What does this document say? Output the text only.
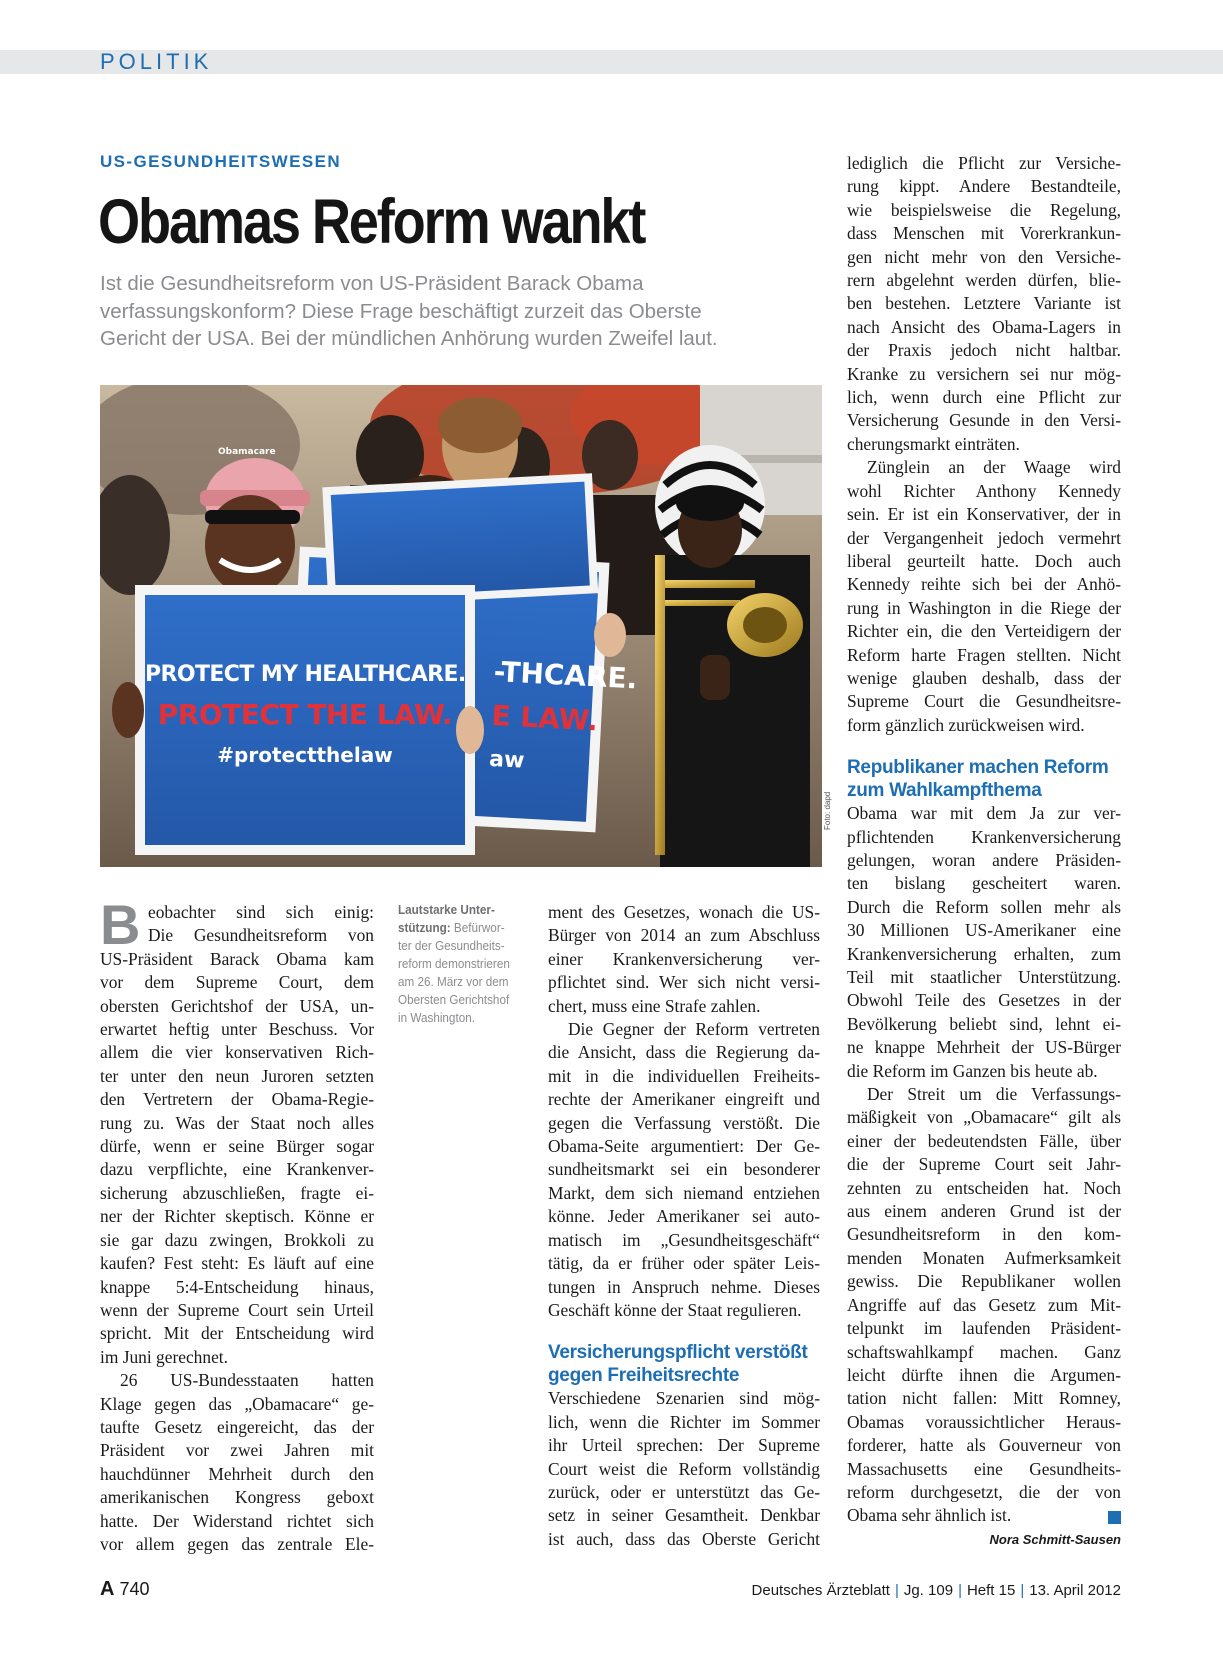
POLITIK
US-GESUNDHEITSWESEN
Obamas Reform wankt
Ist die Gesundheitsreform von US-Präsident Barack Obama
verfassungskonform? Diese Frage beschäftigt zurzeit das Oberste
Gericht der USA. Bei der mündlichen Anhörung wurden Zweifel laut.
-THCARE.
E LAW.
aw
PROTECT MY HEALTHCARE.
PROTECT THE LAW.
#protectthelaw
Obamacare
Foto: dapd
Lautstarke Unter-
stützung: Befürwor-
ter der Gesundheits-
reform demonstrieren
am 26. März vor dem
Obersten Gerichtshof
in Washington.
B eobachter sind sich einig:
Die Gesundheitsreform von
US-Präsident Barack Obama kam
vor dem Supreme Court, dem
obersten Gerichtshof der USA, un-
erwartet heftig unter Beschuss. Vor
allem die vier konservativen Rich-
ter unter den neun Juroren setzten
den Vertretern der Obama-Regie-
rung zu. Was der Staat noch alles
dürfe, wenn er seine Bürger sogar
dazu verpflichte, eine Krankenver-
sicherung abzuschließen, fragte ei-
ner der Richter skeptisch. Könne er
sie gar dazu zwingen, Brokkoli zu
kaufen? Fest steht: Es läuft auf eine
knappe 5:4-Entscheidung hinaus,
wenn der Supreme Court sein Urteil
spricht. Mit der Entscheidung wird
im Juni gerechnet.
26 US-Bundesstaaten hatten
Klage gegen das „Obamacare“ ge-
taufte Gesetz eingereicht, das der
Präsident vor zwei Jahren mit
hauchdünner Mehrheit durch den
amerikanischen Kongress geboxt
hatte. Der Widerstand richtet sich
vor allem gegen das zentrale Ele-
ment des Gesetzes, wonach die US-
Bürger von 2014 an zum Abschluss
einer Krankenversicherung ver-
pflichtet sind. Wer sich nicht versi-
chert, muss eine Strafe zahlen.
Die Gegner der Reform vertreten
die Ansicht, dass die Regierung da-
mit in die individuellen Freiheits-
rechte der Amerikaner eingreift und
gegen die Verfassung verstößt. Die
Obama-Seite argumentiert: Der Ge-
sundheitsmarkt sei ein besonderer
Markt, dem sich niemand entziehen
könne. Jeder Amerikaner sei auto-
matisch im „Gesundheitsgeschäft“
tätig, da er früher oder später Leis-
tungen in Anspruch nehme. Dieses
Geschäft könne der Staat regulieren.
Versicherungspflicht verstößt
gegen Freiheitsrechte
Verschiedene Szenarien sind mög-
lich, wenn die Richter im Sommer
ihr Urteil sprechen: Der Supreme
Court weist die Reform vollständig
zurück, oder er unterstützt das Ge-
setz in seiner Gesamtheit. Denkbar
ist auch, dass das Oberste Gericht
lediglich die Pflicht zur Versiche-
rung kippt. Andere Bestandteile,
wie beispielsweise die Regelung,
dass Menschen mit Vorerkrankun-
gen nicht mehr von den Versiche-
rern abgelehnt werden dürfen, blie-
ben bestehen. Letztere Variante ist
nach Ansicht des Obama-Lagers in
der Praxis jedoch nicht haltbar.
Kranke zu versichern sei nur mög-
lich, wenn durch eine Pflicht zur
Versicherung Gesunde in den Versi-
cherungsmarkt einträten.
Zünglein an der Waage wird
wohl Richter Anthony Kennedy
sein. Er ist ein Konservativer, der in
der Vergangenheit jedoch vermehrt
liberal geurteilt hatte. Doch auch
Kennedy reihte sich bei der Anhö-
rung in Washington in die Riege der
Richter ein, die den Verteidigern der
Reform harte Fragen stellten. Nicht
wenige glauben deshalb, dass der
Supreme Court die Gesundheitsre-
form gänzlich zurückweisen wird.
Republikaner machen Reform
zum Wahlkampfthema
Obama war mit dem Ja zur ver-
pflichtenden Krankenversicherung
gelungen, woran andere Präsiden-
ten bislang gescheitert waren.
Durch die Reform sollen mehr als
30 Millionen US-Amerikaner eine
Krankenversicherung erhalten, zum
Teil mit staatlicher Unterstützung.
Obwohl Teile des Gesetzes in der
Bevölkerung beliebt sind, lehnt ei-
ne knappe Mehrheit der US-Bürger
die Reform im Ganzen bis heute ab.
Der Streit um die Verfassungs-
mäßigkeit von „Obamacare“ gilt als
einer der bedeutendsten Fälle, über
die der Supreme Court seit Jahr-
zehnten zu entscheiden hat. Noch
aus einem anderen Grund ist der
Gesundheitsreform in den kom-
menden Monaten Aufmerksamkeit
gewiss. Die Republikaner wollen
Angriffe auf das Gesetz zum Mit-
telpunkt im laufenden Präsident-
schaftswahlkampf machen. Ganz
leicht dürfte ihnen die Argumen-
tation nicht fallen: Mitt Romney,
Obamas voraussichtlicher Heraus-
forderer, hatte als Gouverneur von
Massachusetts eine Gesundheits-
reform durchgesetzt, die der von
Obama sehr ähnlich ist.
Nora Schmitt-Sausen
A 740	Deutsches Ärzteblatt | Jg. 109 | Heft 15 | 13. April 2012
